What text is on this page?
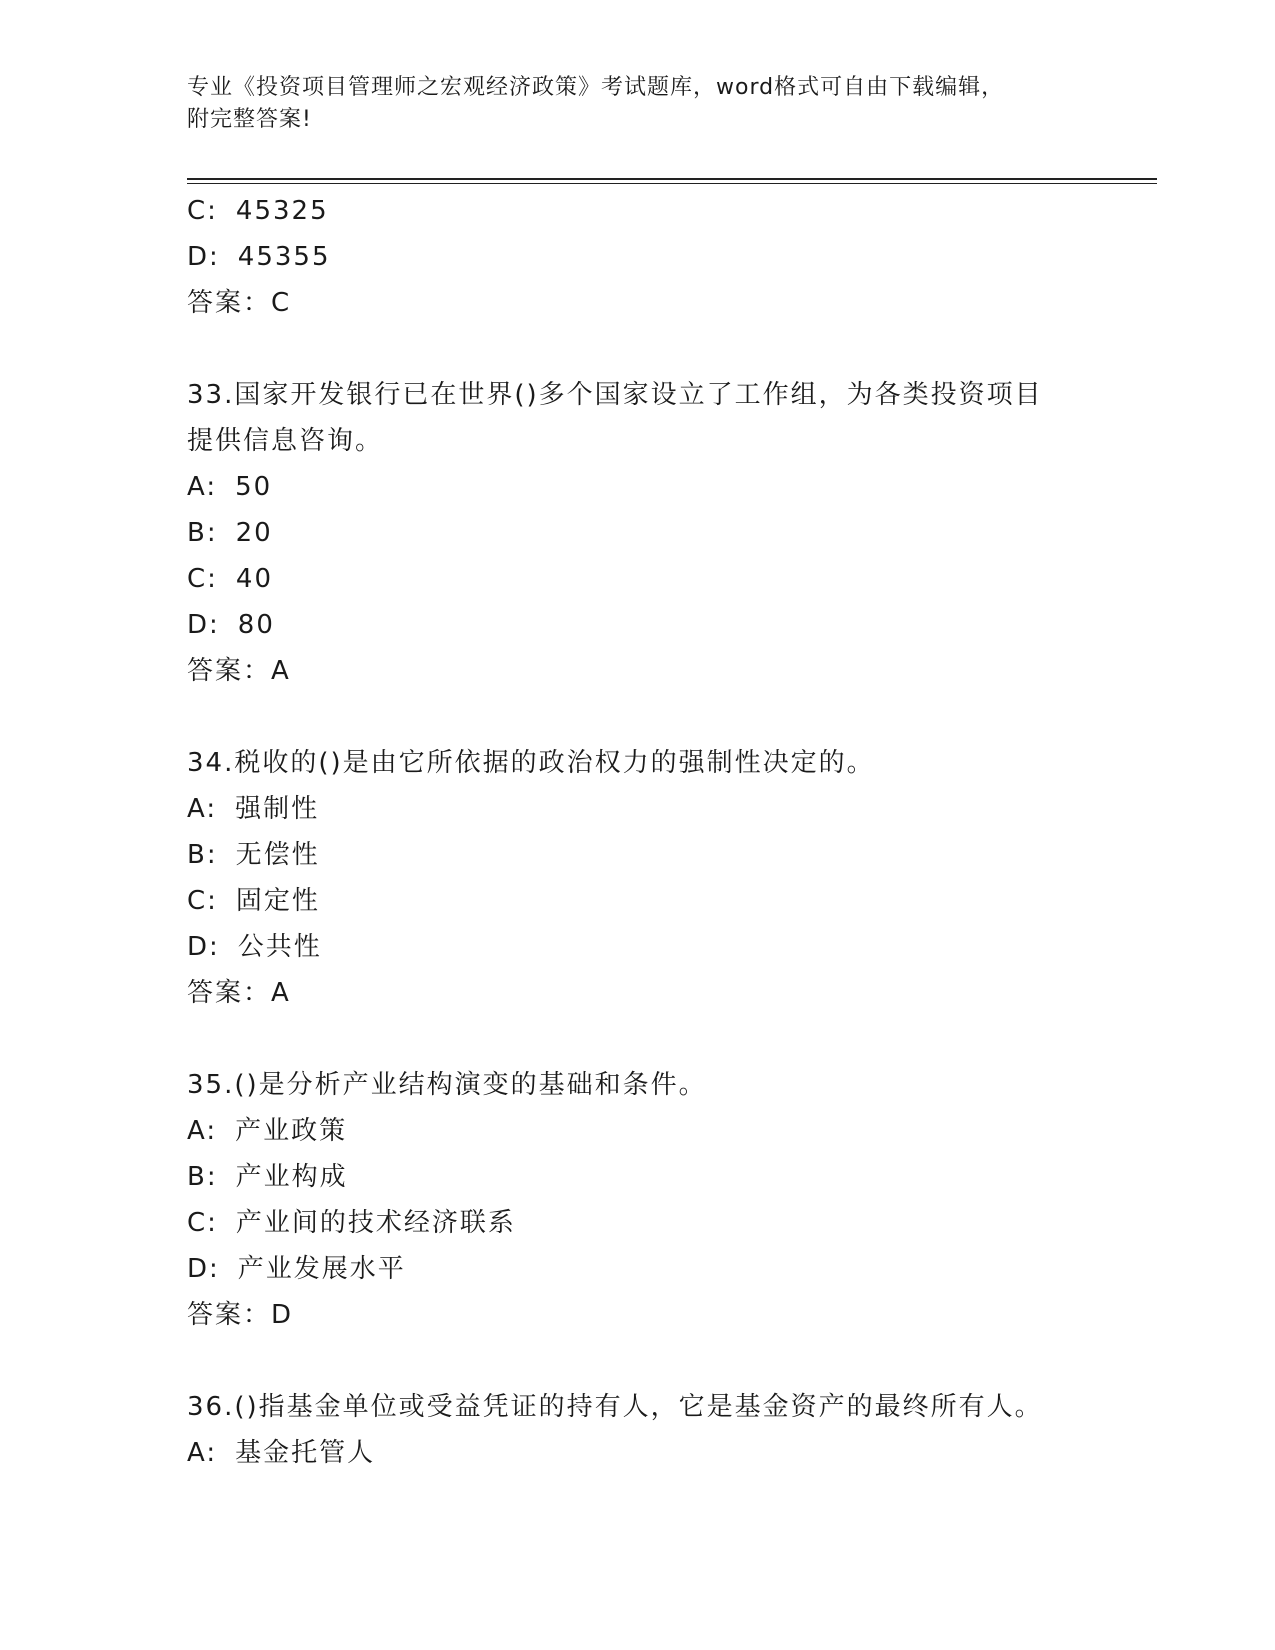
专业《投资项目管理师之宏观经济政策》考试题库，word格式可自由下载编辑，
附完整答案!
C: 45325
D: 45355
答案：C
33.国家开发银行已在世界()多个国家设立了工作组，为各类投资项目
提供信息咨询。
A: 50
B: 20
C: 40
D: 80
答案：A
34.税收的()是由它所依据的政治权力的强制性决定的。
A: 强制性
B: 无偿性
C: 固定性
D: 公共性
答案：A
35.()是分析产业结构演变的基础和条件。
A: 产业政策
B: 产业构成
C: 产业间的技术经济联系
D: 产业发展水平
答案：D
36.()指基金单位或受益凭证的持有人，它是基金资产的最终所有人。
A: 基金托管人
